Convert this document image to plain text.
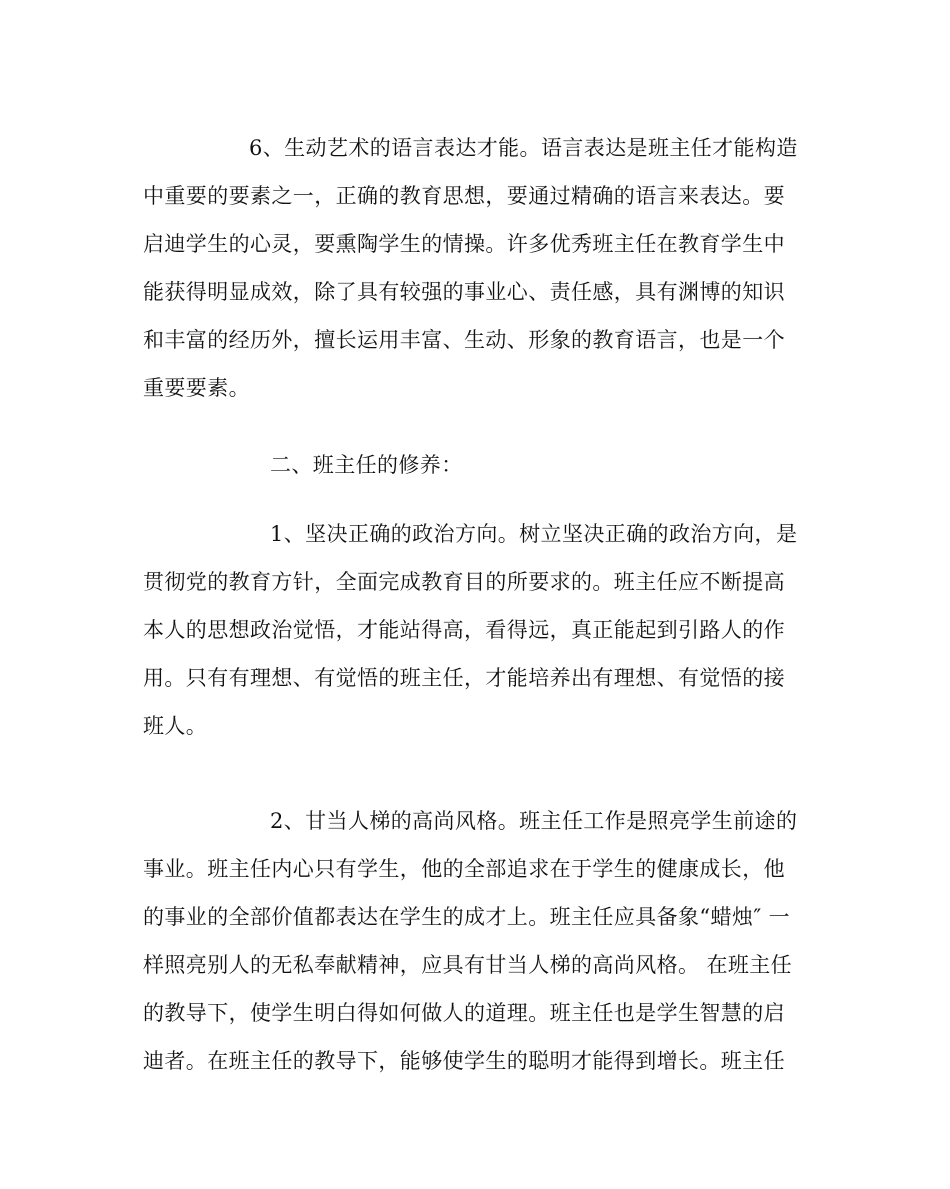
6、生动艺术的语言表达才能。语言表达是班主任才能构造
中重要的要素之一，正确的教育思想，要通过精确的语言来表达。要
启迪学生的心灵，要熏陶学生的情操。许多优秀班主任在教育学生中
能获得明显成效，除了具有较强的事业心、责任感，具有渊博的知识
和丰富的经历外，擅长运用丰富、生动、形象的教育语言，也是一个
重要要素。
二、班主任的修养：
1、坚决正确的政治方向。树立坚决正确的政治方向，是
贯彻党的教育方针，全面完成教育目的所要求的。班主任应不断提高
本人的思想政治觉悟，才能站得高，看得远，真正能起到引路人的作
用。只有有理想、有觉悟的班主任，才能培养出有理想、有觉悟的接
班人。
2、甘当人梯的高尚风格。班主任工作是照亮学生前途的
事业。班主任内心只有学生，他的全部追求在于学生的健康成长，他
的事业的全部价值都表达在学生的成才上。班主任应具备象“蜡烛″ 一
样照亮别人的无私奉献精神，应具有甘当人梯的高尚风格。 在班主任
的教导下，使学生明白得如何做人的道理。班主任也是学生智慧的启
迪者。在班主任的教导下，能够使学生的聪明才能得到增长。班主任
